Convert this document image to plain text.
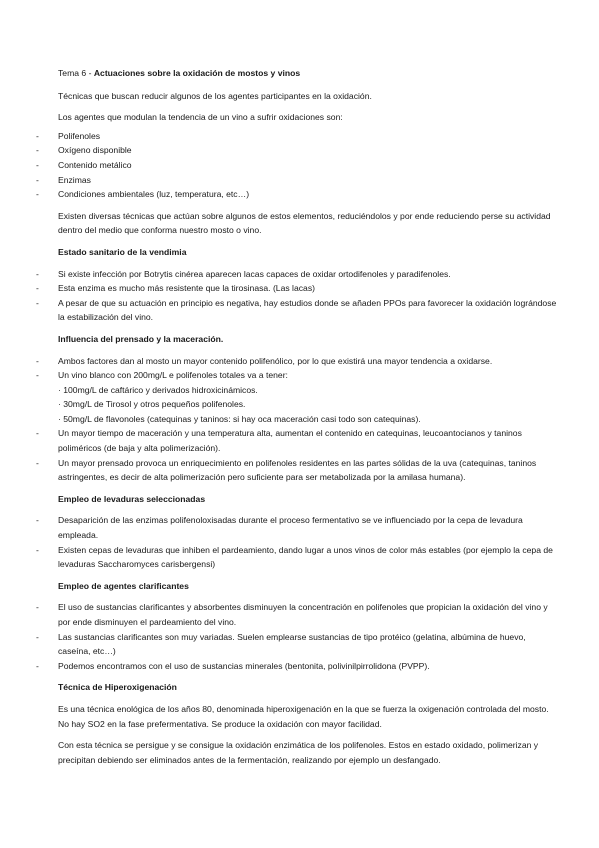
Tema 6 - Actuaciones sobre la oxidación de mostos y vinos

Técnicas que buscan reducir algunos de los agentes participantes en la oxidación.

Los agentes que modulan la tendencia de un vino a sufrir oxidaciones son:

- Polifenoles
- Oxígeno disponible
- Contenido metálico
- Enzimas
- Condiciones ambientales (luz, temperatura, etc…)

Existen diversas técnicas que actúan sobre algunos de estos elementos, reduciéndolos y por ende reduciendo perse su actividad dentro del medio que conforma nuestro mosto o vino.

Estado sanitario de la vendimia
- Si existe infección por Botrytis cinérea aparecen lacas capaces de oxidar ortodifenoles y paradifenoles.
- Esta enzima es mucho más resistente que la tirosinasa. (Las lacas)
- A pesar de que su actuación en principio es negativa, hay estudios donde se añaden PPOs para favorecer la oxidación lográndose la estabilización del vino.
Influencia del prensado y la maceración.
- Ambos factores dan al mosto un mayor contenido polifenólico, por lo que existirá una mayor tendencia a oxidarse.
- Un vino blanco con 200mg/L e polifenoles totales va a tener:
· 100mg/L de caftárico y derivados hidroxicinámicos.
· 30mg/L de Tirosol y otros pequeños polifenoles.
· 50mg/L de flavonoles (catequinas y taninos: si hay oca maceración casi todo son catequinas).
- Un mayor tiempo de maceración y una temperatura alta, aumentan el contenido en catequinas, leucoantocianos y taninos poliméricos (de baja y alta polimerización).
- Un mayor prensado provoca un enriquecimiento en polifenoles residentes en las partes sólidas de la uva (catequinas, taninos astringentes, es decir de alta polimerización pero suficiente para ser metabolizada por la amilasa humana).
Empleo de levaduras seleccionadas
- Desaparición de las enzimas polifenoloxisadas durante el proceso fermentativo se ve influenciado por la cepa de levadura empleada.
- Existen cepas de levaduras que inhiben el pardeamiento, dando lugar a unos vinos de color más estables (por ejemplo la cepa de levaduras Saccharomyces carisbergensi)
Empleo de agentes clarificantes
- El uso de sustancias clarificantes y absorbentes disminuyen la concentración en polifenoles que propician la oxidación del vino y por ende disminuyen el pardeamiento del vino.
- Las sustancias clarificantes son muy variadas. Suelen emplearse sustancias de tipo protéico (gelatina, albúmina de huevo, caseína, etc…)
- Podemos encontramos con el uso de sustancias minerales (bentonita, polivinilpirrolidona (PVPP).
Técnica de Hiperoxigenación

Es una técnica enológica de los años 80, denominada hiperoxigenación en la que se fuerza la oxigenación controlada del mosto. No hay SO2 en la fase prefermentativa. Se produce la oxidación con mayor facilidad.

Con esta técnica se persigue y se consigue la oxidación enzimática de los polifenoles. Estos en estado oxidado, polimerizan y precipitan debiendo ser eliminados antes de la fermentación, realizando por ejemplo un desfangado.
